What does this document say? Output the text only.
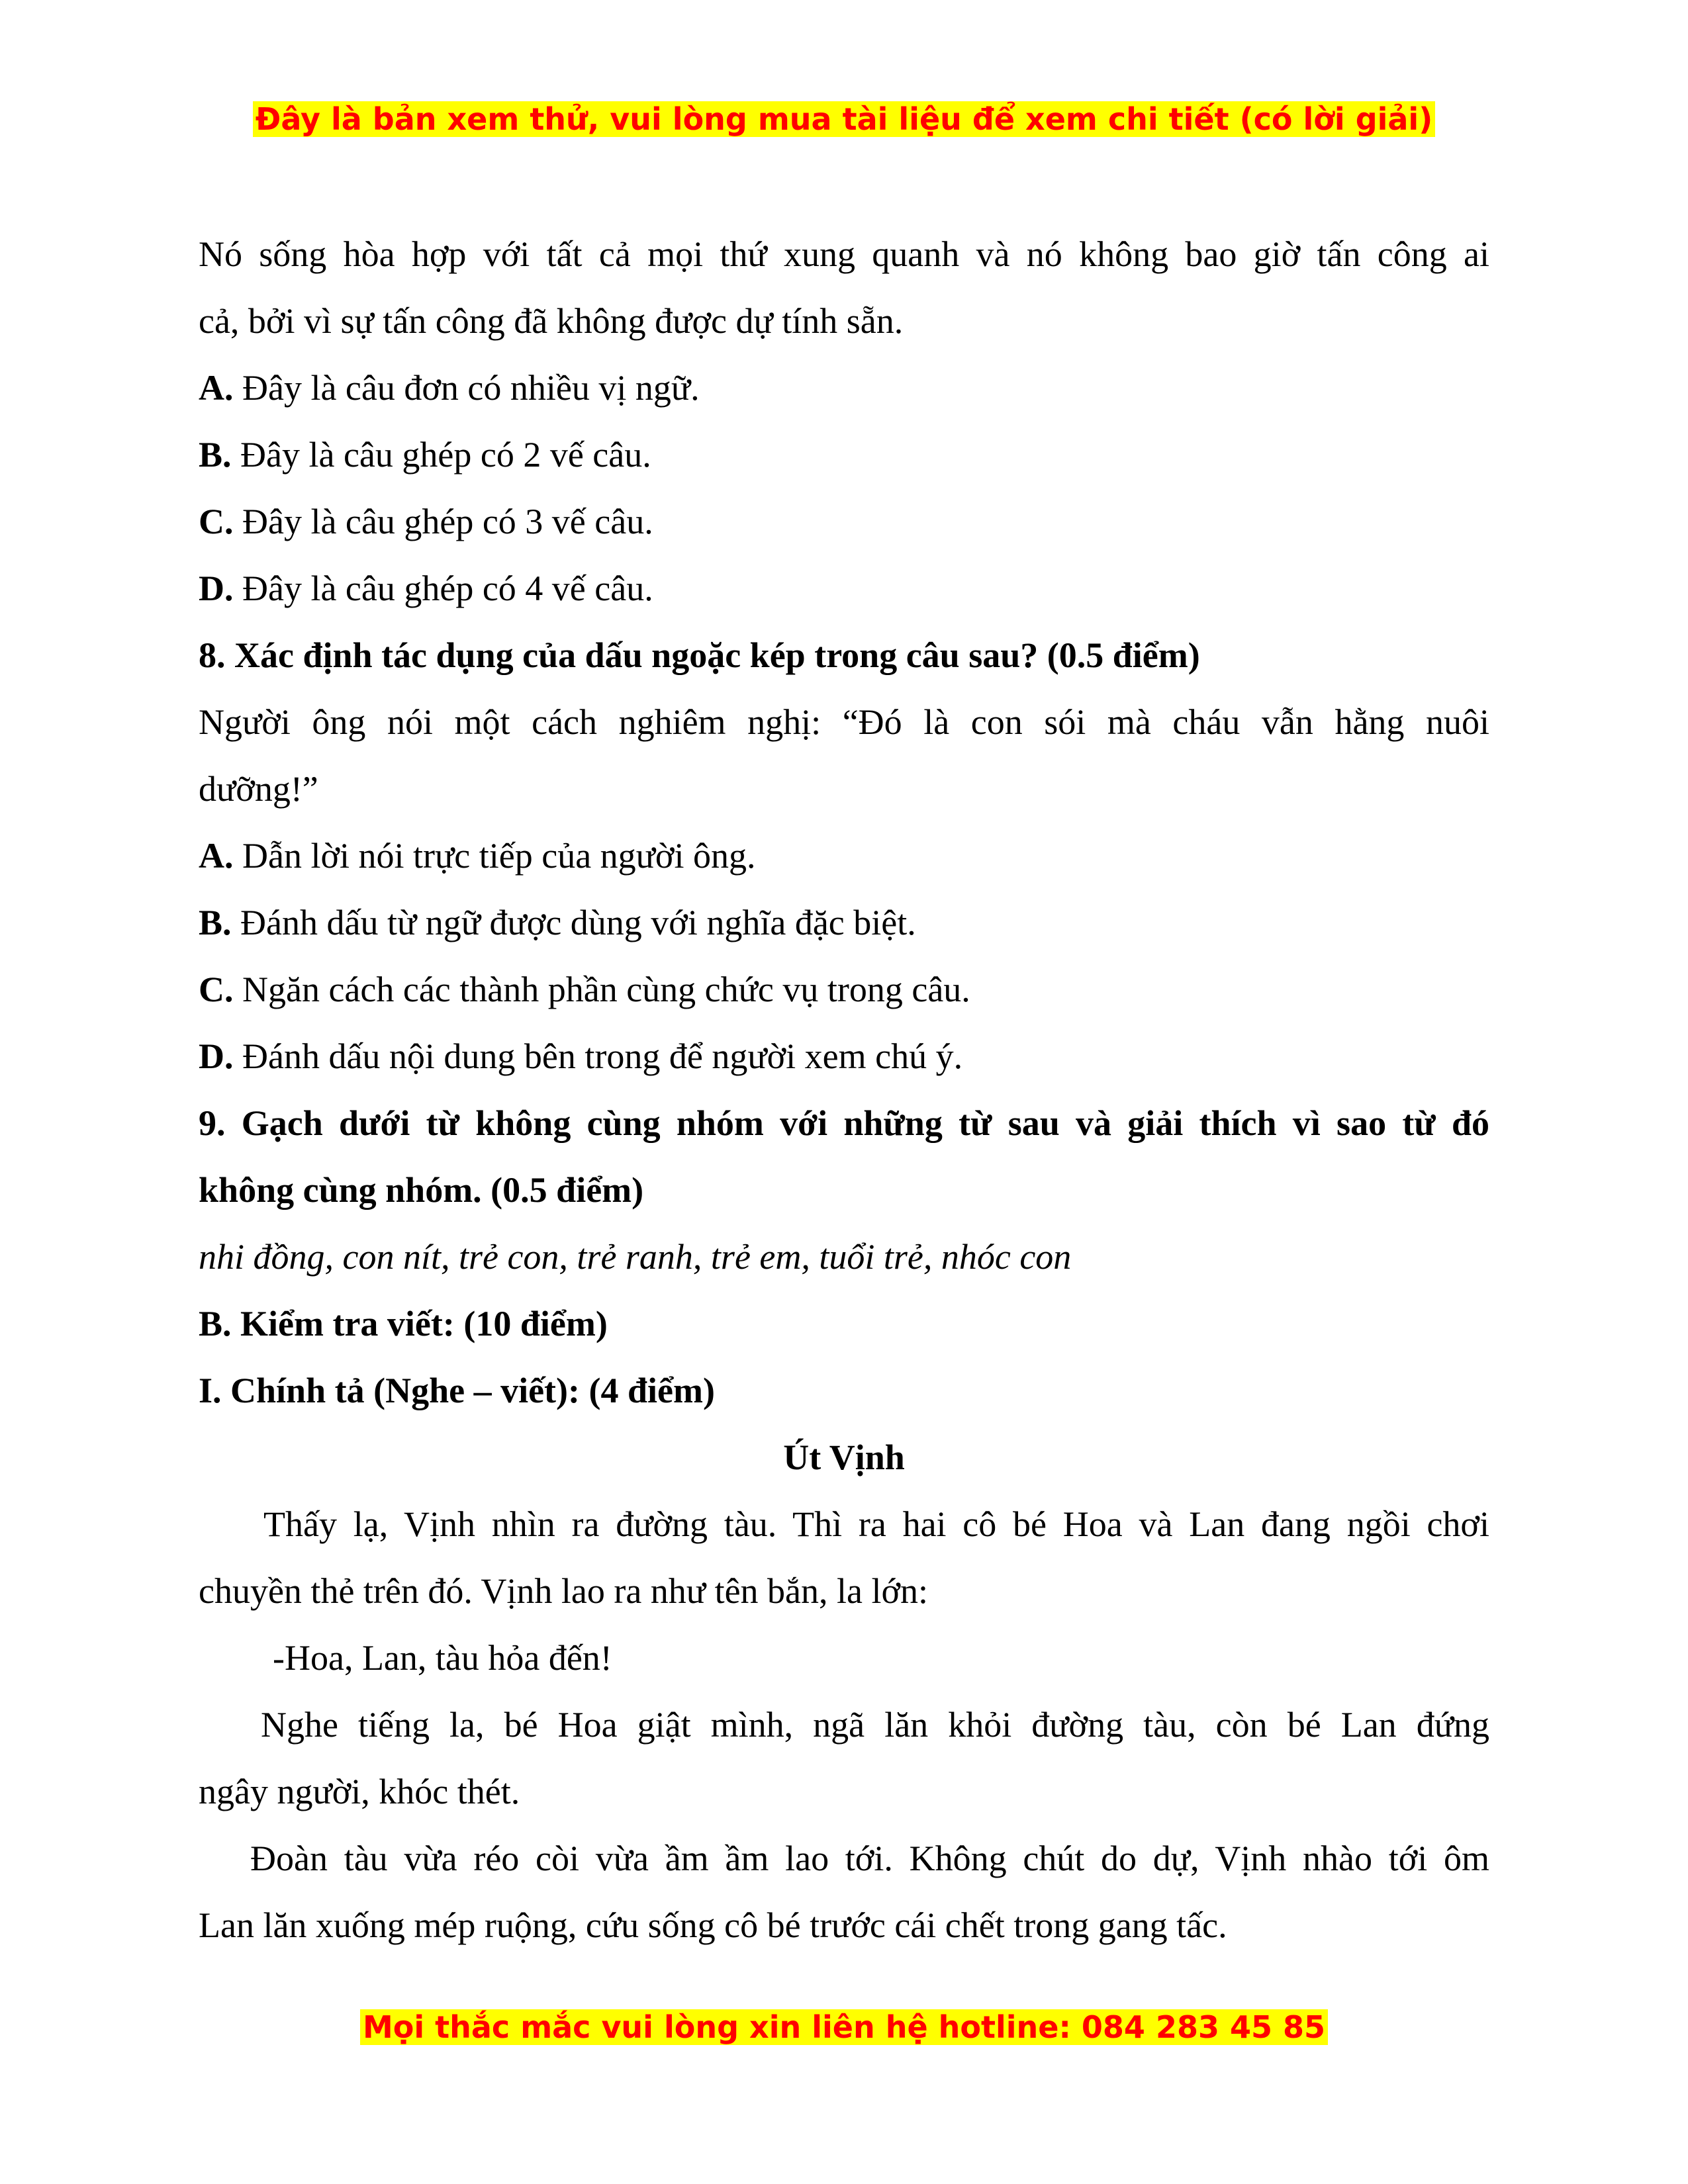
Đây là bản xem thử, vui lòng mua tài liệu để xem chi tiết (có lời giải)
Nó sống hòa hợp với tất cả mọi thứ xung quanh và nó không bao giờ tấn công ai
cả, bởi vì sự tấn công đã không được dự tính sẵn.
A. Đây là câu đơn có nhiều vị ngữ.
B. Đây là câu ghép có 2 vế câu.
C. Đây là câu ghép có 3 vế câu.
D. Đây là câu ghép có 4 vế câu.
8. Xác định tác dụng của dấu ngoặc kép trong câu sau? (0.5 điểm)
Người ông nói một cách nghiêm nghị: “Đó là con sói mà cháu vẫn hằng nuôi
dưỡng!”
A. Dẫn lời nói trực tiếp của người ông.
B. Đánh dấu từ ngữ được dùng với nghĩa đặc biệt.
C. Ngăn cách các thành phần cùng chức vụ trong câu.
D. Đánh dấu nội dung bên trong để người xem chú ý.
9. Gạch dưới từ không cùng nhóm với những từ sau và giải thích vì sao từ đó
không cùng nhóm. (0.5 điểm)
nhi đồng, con nít, trẻ con, trẻ ranh, trẻ em, tuổi trẻ, nhóc con
B. Kiểm tra viết: (10 điểm)
I. Chính tả (Nghe – viết): (4 điểm)
Út Vịnh
Thấy lạ, Vịnh nhìn ra đường tàu. Thì ra hai cô bé Hoa và Lan đang ngồi chơi
chuyền thẻ trên đó. Vịnh lao ra như tên bắn, la lớn:
-Hoa, Lan, tàu hỏa đến!
Nghe tiếng la, bé Hoa giật mình, ngã lăn khỏi đường tàu, còn bé Lan đứng
ngây người, khóc thét.
Đoàn tàu vừa réo còi vừa ầm ầm lao tới. Không chút do dự, Vịnh nhào tới ôm
Lan lăn xuống mép ruộng, cứu sống cô bé trước cái chết trong gang tấc.
Mọi thắc mắc vui lòng xin liên hệ hotline: 084 283 45 85
